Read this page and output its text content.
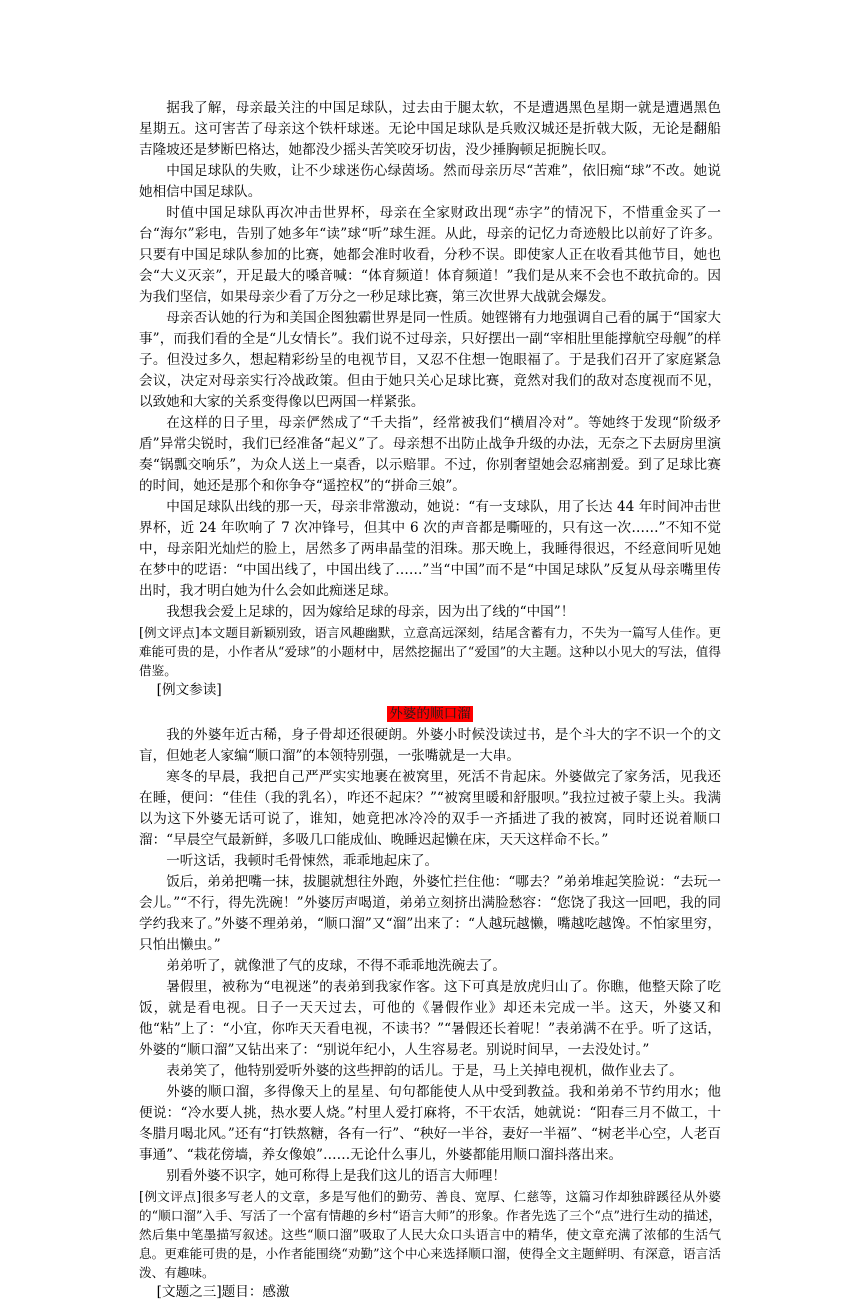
据我了解，母亲最关注的中国足球队，过去由于腿太软，不是遭遇黑色星期一就是遭遇黑色星期五。这可害苦了母亲这个铁杆球迷。无论中国足球队是兵败汉城还是折戟大阪，无论是翻船吉隆坡还是梦断巴格达，她都没少摇头苦笑咬牙切齿，没少捶胸顿足扼腕长叹。

中国足球队的失败，让不少球迷伤心绿茵场。然而母亲历尽“苦难”，依旧痴“球”不改。她说她相信中国足球队。

时值中国足球队再次冲击世界杯，母亲在全家财政出现“赤字”的情况下，不惜重金买了一台“海尔”彩电，告别了她多年“读”球“听”球生涯。从此，母亲的记忆力奇迹般比以前好了许多。只要有中国足球队参加的比赛，她都会准时收看，分秒不误。即使家人正在收看其他节目，她也会“大义灭亲”，开足最大的嗓音喊：“体育频道！体育频道！”我们是从来不会也不敢抗命的。因为我们坚信，如果母亲少看了万分之一秒足球比赛，第三次世界大战就会爆发。

母亲否认她的行为和美国企图独霸世界是同一性质。她铿锵有力地强调自己看的属于“国家大事”，而我们看的全是“儿女情长”。我们说不过母亲，只好摆出一副“宰相肚里能撑航空母舰”的样子。但没过多久，想起精彩纷呈的电视节目，又忍不住想一饱眼福了。于是我们召开了家庭紧急会议，决定对母亲实行冷战政策。但由于她只关心足球比赛，竟然对我们的敌对态度视而不见，以致她和大家的关系变得像以巴两国一样紧张。

在这样的日子里，母亲俨然成了“千夫指”，经常被我们“横眉冷对”。等她终于发现“阶级矛盾”异常尖锐时，我们已经准备“起义”了。母亲想不出防止战争升级的办法，无奈之下去厨房里演奏“锅瓢交响乐”，为众人送上一桌香，以示赔罪。不过，你别奢望她会忍痛割爱。到了足球比赛的时间，她还是那个和你争夺“遥控权”的“拼命三娘”。

中国足球队出线的那一天，母亲非常激动，她说：“有一支球队，用了长达 44 年时间冲击世界杯，近 24 年吹响了 7 次冲锋号，但其中 6 次的声音都是嘶哑的，只有这一次……”不知不觉中，母亲阳光灿烂的脸上，居然多了两串晶莹的泪珠。那天晚上，我睡得很迟，不经意间听见她在梦中的呓语：“中国出线了，中国出线了……”当“中国”而不是“中国足球队”反复从母亲嘴里传出时，我才明白她为什么会如此痴迷足球。

我想我会爱上足球的，因为嫁给足球的母亲，因为出了线的“中国”！

[例文评点]本文题目新颖别致，语言风趣幽默，立意高远深刻，结尾含蓄有力，不失为一篇写人佳作。更难能可贵的是，小作者从“爱球”的小题材中，居然挖掘出了“爱国”的大主题。这种以小见大的写法，值得借鉴。

[例文参读]

外婆的顺口溜

我的外婆年近古稀，身子骨却还很硬朗。外婆小时候没读过书，是个斗大的字不识一个的文盲，但她老人家编“顺口溜”的本领特别强，一张嘴就是一大串。

寒冬的早晨，我把自己严严实实地裹在被窝里，死活不肯起床。外婆做完了家务活，见我还在睡，便问：“佳佳（我的乳名），咋还不起床？”“被窝里暖和舒服呗。”我拉过被子蒙上头。我满以为这下外婆无话可说了，谁知，她竟把冰冷冷的双手一齐插进了我的被窝，同时还说着顺口溜：“早晨空气最新鲜，多吸几口能成仙、晚睡迟起懒在床，天天这样命不长。”

一听这话，我顿时毛骨悚然，乖乖地起床了。

饭后，弟弟把嘴一抹，拔腿就想往外跑，外婆忙拦住他：“哪去？”弟弟堆起笑脸说：“去玩一会儿。”“不行，得先洗碗！”外婆厉声喝道，弟弟立刻挤出满脸愁容：“您饶了我这一回吧，我的同学约我来了。”外婆不理弟弟，“顺口溜”又“溜”出来了：“人越玩越懒，嘴越吃越馋。不怕家里穷，只怕出懒虫。”

弟弟听了，就像泄了气的皮球，不得不乖乖地洗碗去了。

暑假里，被称为“电视迷”的表弟到我家作客。这下可真是放虎归山了。你瞧，他整天除了吃饭，就是看电视。日子一天天过去，可他的《暑假作业》却还未完成一半。这天，外婆又和他“粘”上了：“小宜，你咋天天看电视，不读书？”“暑假还长着呢！”表弟满不在乎。听了这话，外婆的“顺口溜”又钻出来了：“别说年纪小，人生容易老。别说时间早，一去没处讨。”

表弟笑了，他特别爱听外婆的这些押韵的话儿。于是，马上关掉电视机，做作业去了。

外婆的顺口溜，多得像天上的星星、句句都能使人从中受到教益。我和弟弟不节约用水；他便说：“冷水要人挑，热水要人烧。”村里人爱打麻将，不干农活，她就说：“阳春三月不做工，十冬腊月喝北风。”还有“打铁熬糖，各有一行”、“秧好一半谷，妻好一半福”、“树老半心空，人老百事通”、“栽花傍墙，养女像娘”……无论什么事儿，外婆都能用顺口溜抖落出来。

别看外婆不识字，她可称得上是我们这儿的语言大师哩！

[例文评点]很多写老人的文章，多是写他们的勤劳、善良、宽厚、仁慈等，这篇习作却独辟蹊径从外婆的“顺口溜”入手、写活了一个富有情趣的乡村“语言大师”的形象。作者先选了三个“点”进行生动的描述，然后集中笔墨描写叙述。这些“顺口溜”吸取了人民大众口头语言中的精华，使文章充满了浓郁的生活气息。更难能可贵的是，小作者能围绕“劝勤”这个中心来选择顺口溜，使得全文主题鲜明、有深意，语言活泼、有趣味。

[文题之三]题目：感激
